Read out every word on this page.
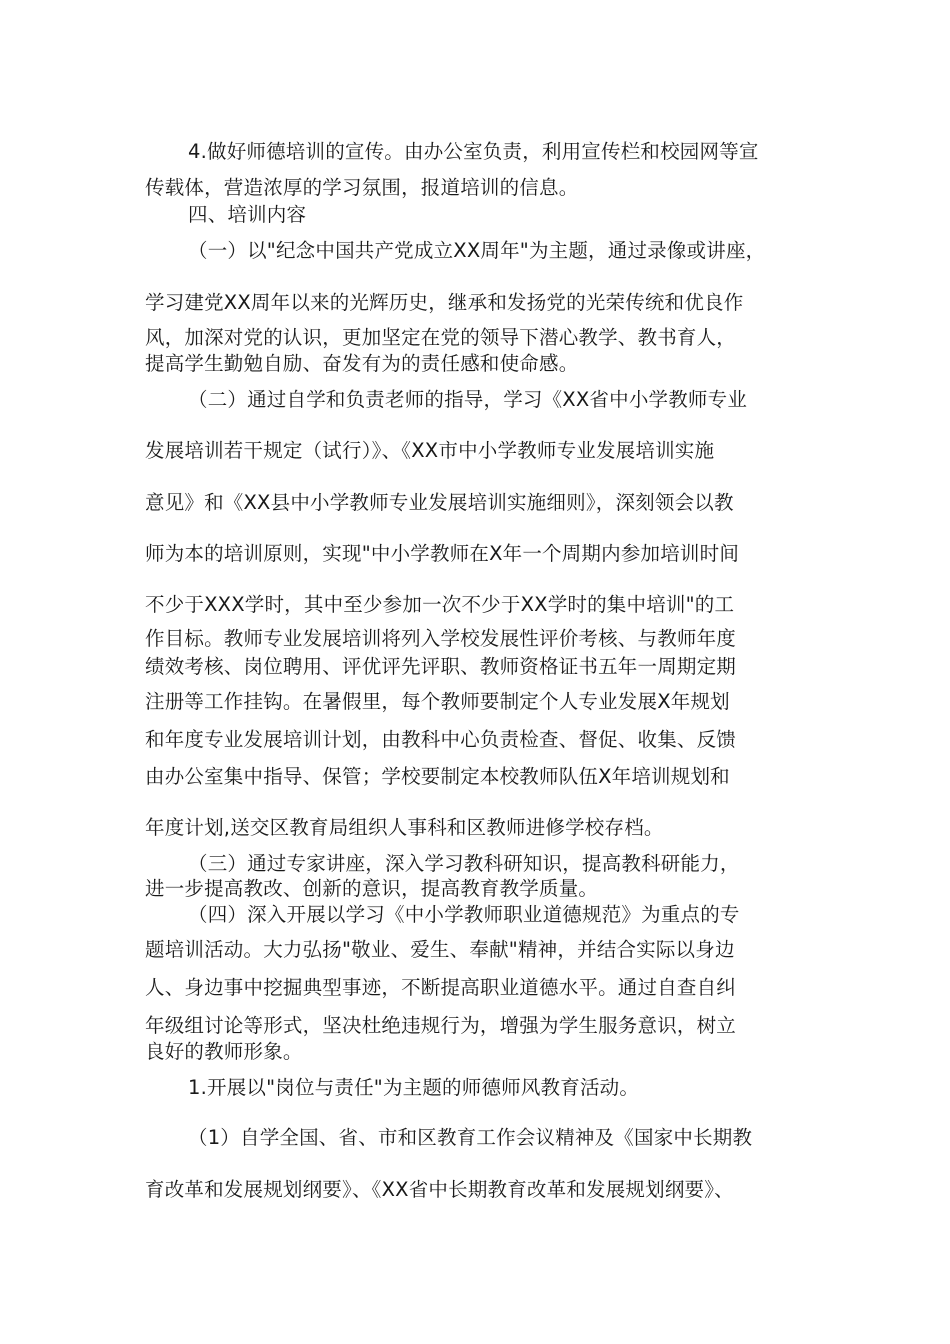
4.做好师德培训的宣传。由办公室负责，利用宣传栏和校园网等宣
传载体，营造浓厚的学习氛围，报道培训的信息。
四、培训内容
（一）以"纪念中国共产党成立XX周年"为主题，通过录像或讲座，
学习建党XX周年以来的光辉历史，继承和发扬党的光荣传统和优良作
风，加深对党的认识，更加坚定在党的领导下潜心教学、教书育人，
提高学生勤勉自励、奋发有为的责任感和使命感。
（二）通过自学和负责老师的指导，学习《XX省中小学教师专业
发展培训若干规定（试行）》、《XX市中小学教师专业发展培训实施
意见》和《XX县中小学教师专业发展培训实施细则》，深刻领会以教
师为本的培训原则，实现"中小学教师在X年一个周期内参加培训时间
不少于XXX学时，其中至少参加一次不少于XX学时的集中培训"的工
作目标。教师专业发展培训将列入学校发展性评价考核、与教师年度
绩效考核、岗位聘用、评优评先评职、教师资格证书五年一周期定期
注册等工作挂钩。在暑假里，每个教师要制定个人专业发展X年规划
和年度专业发展培训计划，由教科中心负责检查、督促、收集、反馈
由办公室集中指导、保管；学校要制定本校教师队伍X年培训规划和
年度计划,送交区教育局组织人事科和区教师进修学校存档。
（三）通过专家讲座，深入学习教科研知识，提高教科研能力，
进一步提高教改、创新的意识，提高教育教学质量。
（四）深入开展以学习《中小学教师职业道德规范》为重点的专
题培训活动。大力弘扬"敬业、爱生、奉献"精神，并结合实际以身边
人、身边事中挖掘典型事迹，不断提高职业道德水平。通过自查自纠
年级组讨论等形式，坚决杜绝违规行为，增强为学生服务意识，树立
良好的教师形象。
1.开展以"岗位与责任"为主题的师德师风教育活动。
（1）自学全国、省、市和区教育工作会议精神及《国家中长期教
育改革和发展规划纲要》、《XX省中长期教育改革和发展规划纲要》、
